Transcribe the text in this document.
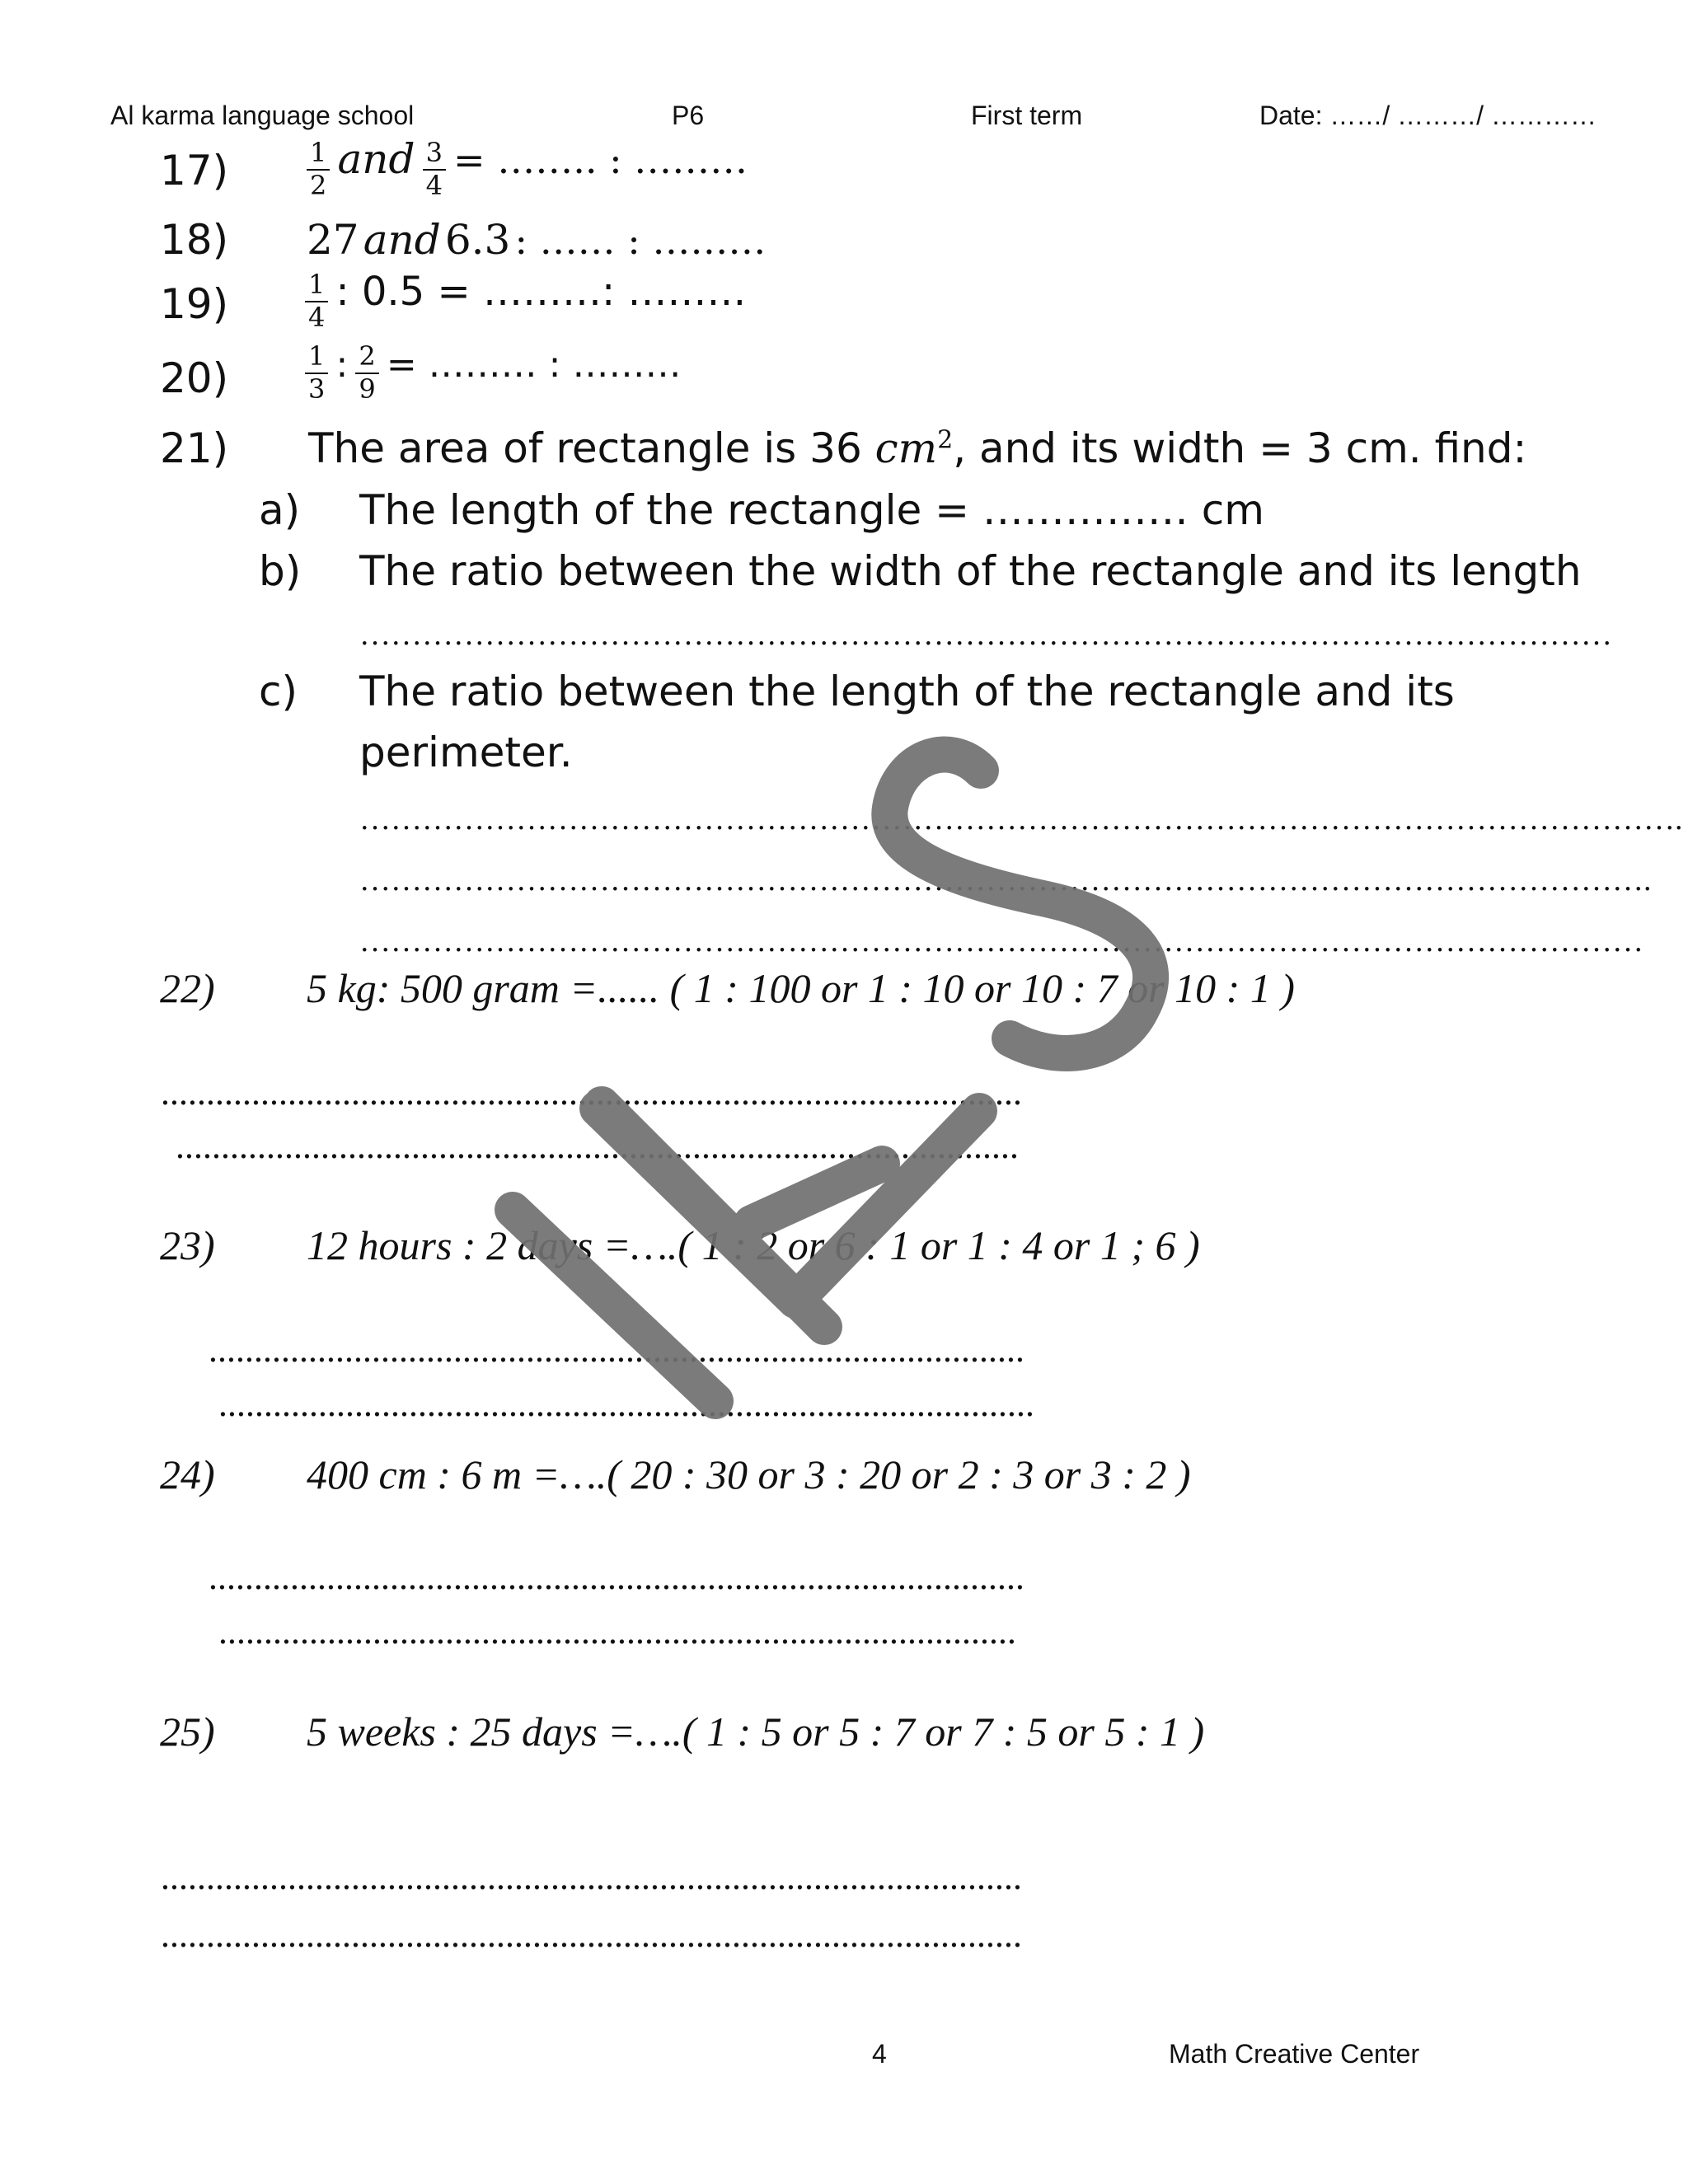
Al karma language school	P6	First term	Date: ……/ ………/ …………
17)	$\frac{1}{2}$ and $\frac{3}{4}$ = …….. : ………
18) 27 and 6.3 : …… : ………
19)	$\frac{1}{4}$ : 0.5 = ………: ………
20)	$\frac{1}{3}$ : $\frac{2}{9}$ = ……… : ………
21) The area of rectangle is 36 $cm^2$, and its width = 3 cm. find:
a) The length of the rectangle = …………… cm
b) The ratio between the width of the rectangle and its length
…………………………………………………………………………………………………………
c) The ratio between the length of the rectangle and its
perimeter.
……………………………………………………………………………………………………………….
…………………………………………………………………………………………………………….
……………………………………………………………………………………………………………
22) 5 kg: 500 gram =...... ( 1 : 100 or 1 : 10 or 10 : 7 or 10 : 1 )
...............................................................................................
.............................................................................................
23) 12 hours : 2 days =….( 1 : 2 or 6 : 1 or 1 : 4 or 1 ; 6 )
..........................................................................................
..........................................................................................
24) 400 cm : 6 m =….( 20 : 30 or 3 : 20 or 2 : 3 or 3 : 2 )
..........................................................................................
........................................................................................
25) 5 weeks : 25 days =….( 1 : 5 or 5 : 7 or 7 : 5 or 5 : 1 )
...............................................................................................
...............................................................................................
4	Math Creative Center
